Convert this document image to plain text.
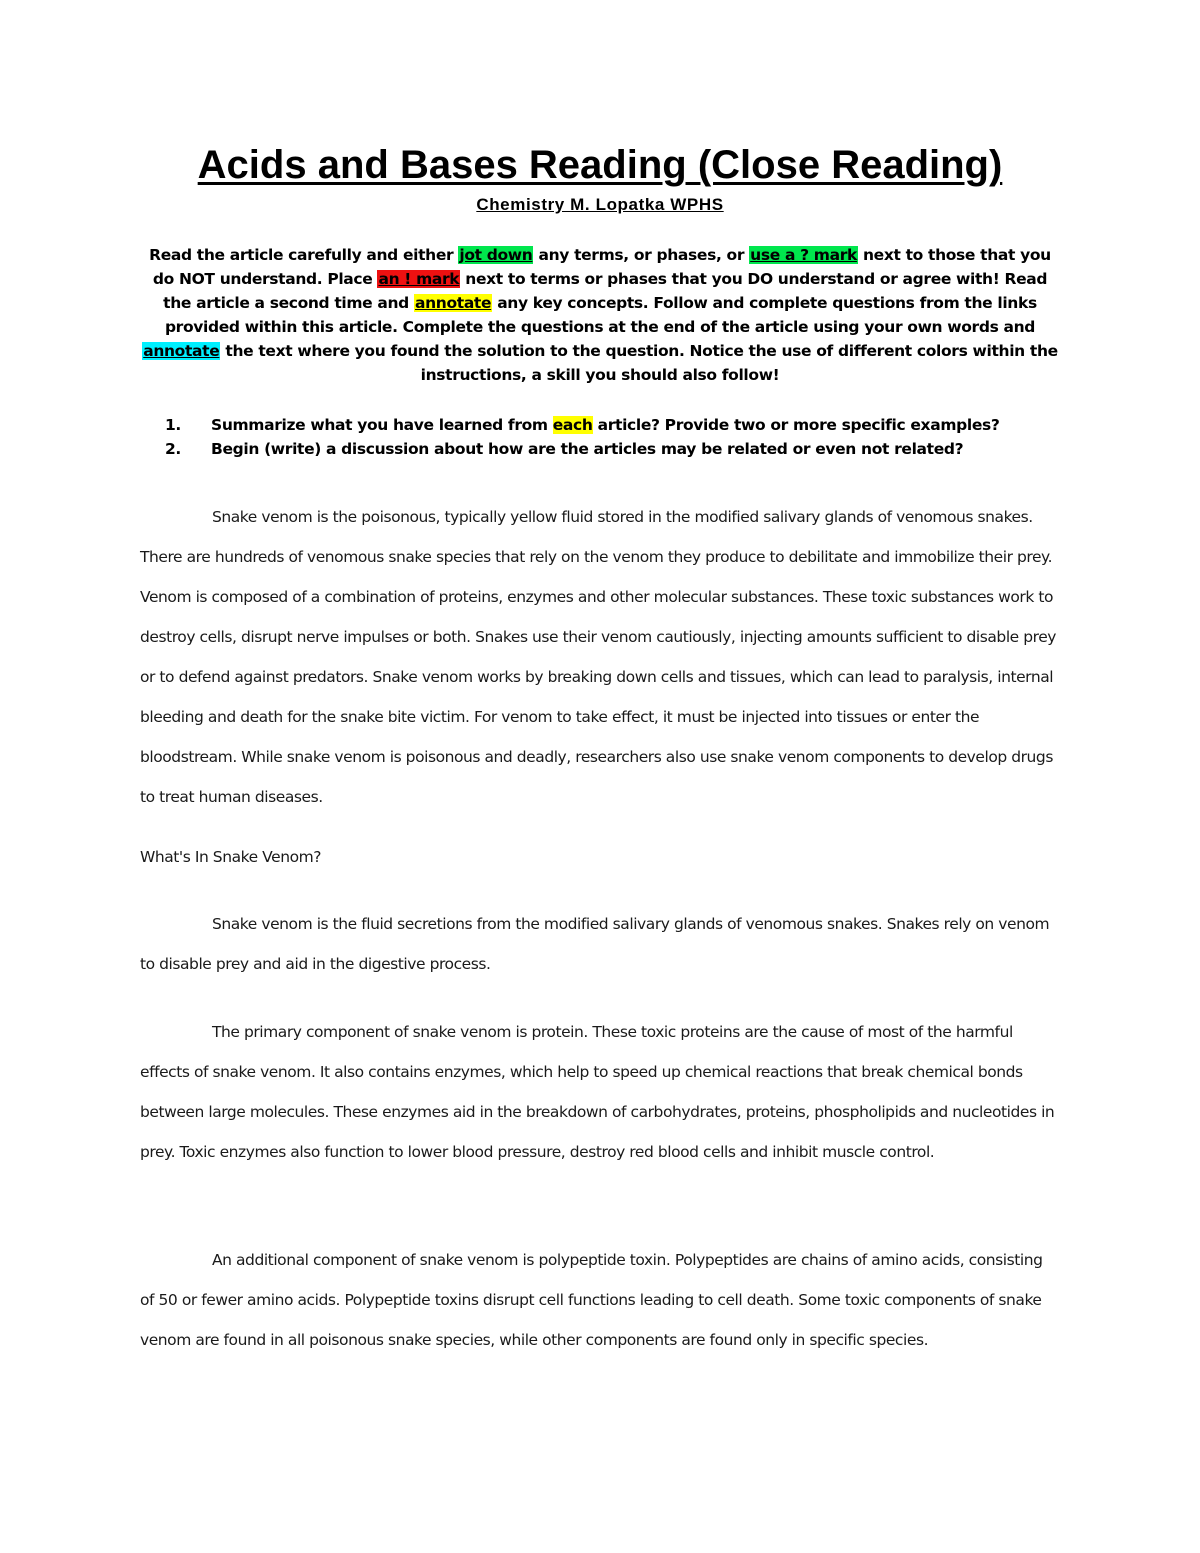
Acids and Bases Reading (Close Reading)

Chemistry M. Lopatka WPHS

Read the article carefully and either jot down any terms, or phases, or use a ? mark next to those that you do NOT understand. Place an ! mark next to terms or phases that you DO understand or agree with! Read the article a second time and annotate any key concepts. Follow and complete questions from the links provided within this article. Complete the questions at the end of the article using your own words and annotate the text where you found the solution to the question. Notice the use of different colors within the instructions, a skill you should also follow!

1.	Summarize what you have learned from each article? Provide two or more specific examples?
2.	Begin (write) a discussion about how are the articles may be related or even not related?

Snake venom is the poisonous, typically yellow fluid stored in the modified salivary glands of venomous snakes. There are hundreds of venomous snake species that rely on the venom they produce to debilitate and immobilize their prey. Venom is composed of a combination of proteins, enzymes and other molecular substances. These toxic substances work to destroy cells, disrupt nerve impulses or both. Snakes use their venom cautiously, injecting amounts sufficient to disable prey or to defend against predators. Snake venom works by breaking down cells and tissues, which can lead to paralysis, internal bleeding and death for the snake bite victim. For venom to take effect, it must be injected into tissues or enter the bloodstream. While snake venom is poisonous and deadly, researchers also use snake venom components to develop drugs to treat human diseases.

What's In Snake Venom?

Snake venom is the fluid secretions from the modified salivary glands of venomous snakes. Snakes rely on venom to disable prey and aid in the digestive process.

The primary component of snake venom is protein. These toxic proteins are the cause of most of the harmful effects of snake venom. It also contains enzymes, which help to speed up chemical reactions that break chemical bonds between large molecules. These enzymes aid in the breakdown of carbohydrates, proteins, phospholipids and nucleotides in prey. Toxic enzymes also function to lower blood pressure, destroy red blood cells and inhibit muscle control.

An additional component of snake venom is polypeptide toxin. Polypeptides are chains of amino acids, consisting of 50 or fewer amino acids. Polypeptide toxins disrupt cell functions leading to cell death. Some toxic components of snake venom are found in all poisonous snake species, while other components are found only in specific species.
